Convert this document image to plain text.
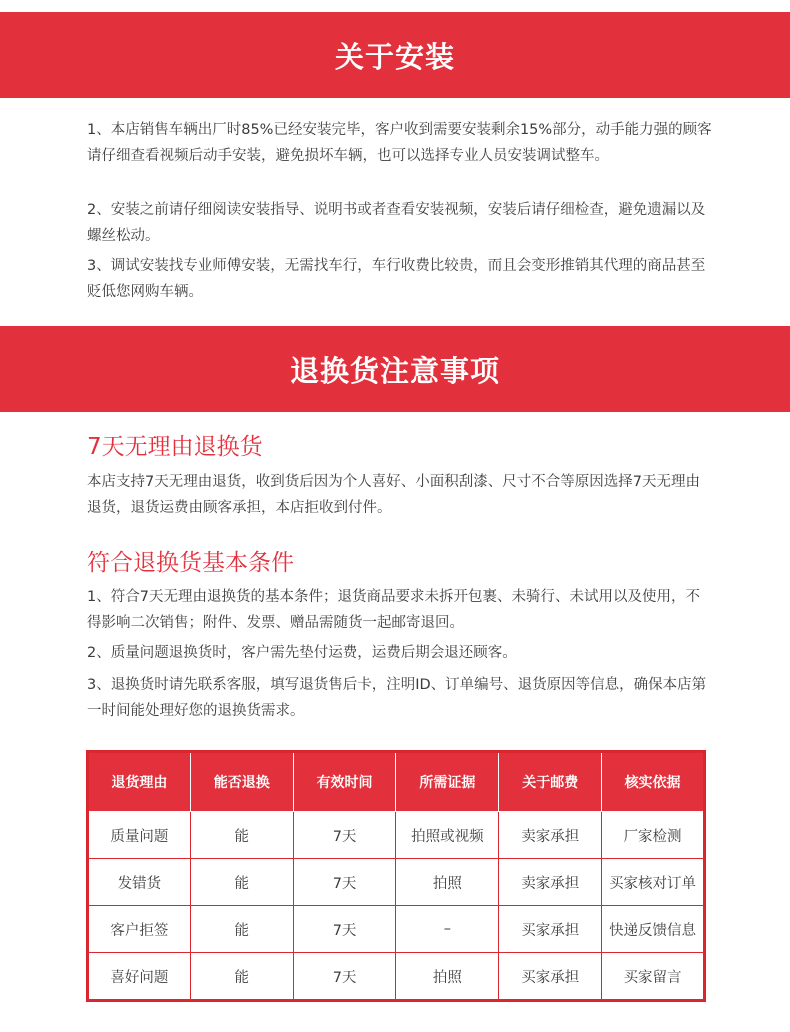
关于安装

1、本店销售车辆出厂时85%已经安装完毕，客户收到需要安装剩余15%部分，动手能力强的顾客请仔细查看视频后动手安装，避免损坏车辆，也可以选择专业人员安装调试整车。

2、安装之前请仔细阅读安装指导、说明书或者查看安装视频，安装后请仔细检查，避免遗漏以及螺丝松动。

3、调试安装找专业师傅安装，无需找车行，车行收费比较贵，而且会变形推销其代理的商品甚至贬低您网购车辆。

退换货注意事项
7天无理由退换货

本店支持7天无理由退货，收到货后因为个人喜好、小面积刮漆、尺寸不合等原因选择7天无理由退货，退货运费由顾客承担，本店拒收到付件。

符合退换货基本条件

1、符合7天无理由退换货的基本条件；退货商品要求未拆开包裹、未骑行、未试用以及使用，不得影响二次销售；附件、发票、赠品需随货一起邮寄退回。

2、质量问题退换货时，客户需先垫付运费，运费后期会退还顾客。

3、退换货时请先联系客服，填写退货售后卡，注明ID、订单编号、退货原因等信息，确保本店第一时间能处理好您的退换货需求。

退货理由	能否退换	有效时间	所需证据	关于邮费	核实依据
质量问题	能	7天	拍照或视频	卖家承担	厂家检测
发错货	能	7天	拍照	卖家承担	买家核对订单
客户拒签	能	7天	–	买家承担	快递反馈信息
喜好问题	能	7天	拍照	买家承担	买家留言
